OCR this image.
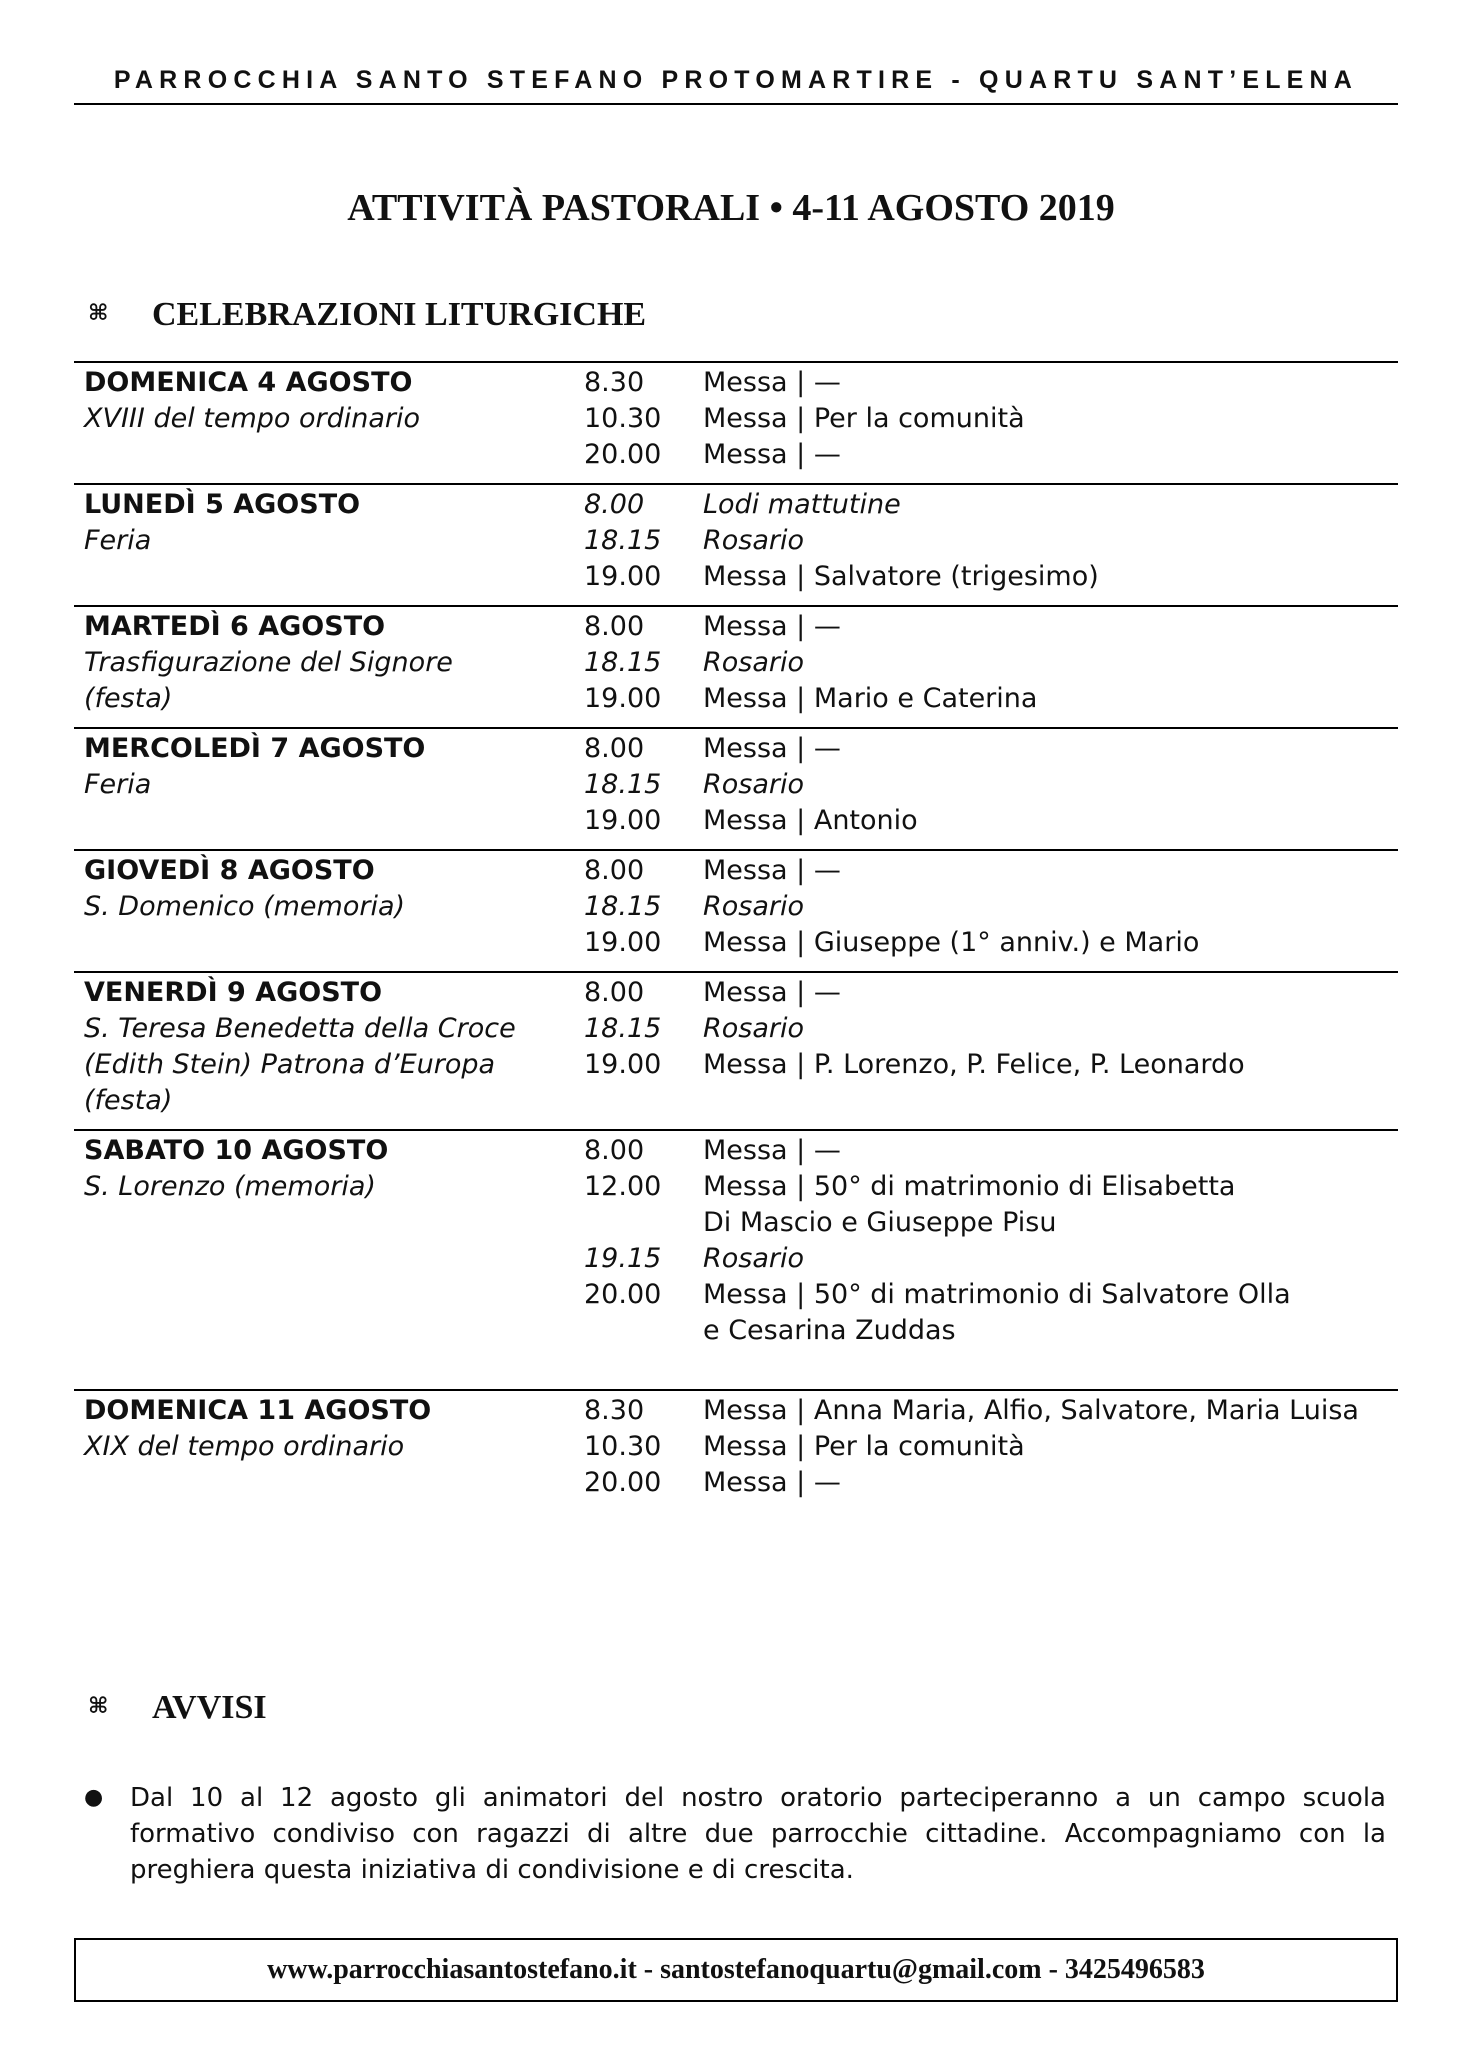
PARROCCHIA SANTO STEFANO PROTOMARTIRE - QUARTU SANT’ELENA
ATTIVITÀ PASTORALI • 4-11 AGOSTO 2019
⌘ CELEBRAZIONI LITURGICHE
DOMENICA 4 AGOSTO
XVIII del tempo ordinario
8.30	Messa | —
10.30	Messa | Per la comunità
20.00	Messa | —
LUNEDÌ 5 AGOSTO
Feria
8.00	Lodi mattutine
18.15	Rosario
19.00	Messa | Salvatore (trigesimo)
MARTEDÌ 6 AGOSTO
Trasfigurazione del Signore
(festa)
8.00	Messa | —
18.15	Rosario
19.00	Messa | Mario e Caterina
MERCOLEDÌ 7 AGOSTO
Feria
8.00	Messa | —
18.15	Rosario
19.00	Messa | Antonio
GIOVEDÌ 8 AGOSTO
S. Domenico (memoria)
8.00	Messa | —
18.15	Rosario
19.00	Messa | Giuseppe (1° anniv.) e Mario
VENERDÌ 9 AGOSTO
S. Teresa Benedetta della Croce
(Edith Stein) Patrona d’Europa
(festa)
8.00	Messa | —
18.15	Rosario
19.00	Messa | P. Lorenzo, P. Felice, P. Leonardo
SABATO 10 AGOSTO
S. Lorenzo (memoria)
8.00	Messa | —
12.00	Messa | 50° di matrimonio di Elisabetta
Di Mascio e Giuseppe Pisu
19.15	Rosario
20.00	Messa | 50° di matrimonio di Salvatore Olla
e Cesarina Zuddas
DOMENICA 11 AGOSTO
XIX del tempo ordinario
8.30	Messa | Anna Maria, Alfio, Salvatore, Maria Luisa
10.30	Messa | Per la comunità
20.00	Messa | —
⌘ AVVISI
●	Dal 10 al 12 agosto gli animatori del nostro oratorio parteciperanno a un campo scuola formativo condiviso con ragazzi di altre due parrocchie cittadine. Accompagniamo con la preghiera questa iniziativa di condivisione e di crescita.
www.parrocchiasantostefano.it - santostefanoquartu@gmail.com - 3425496583
